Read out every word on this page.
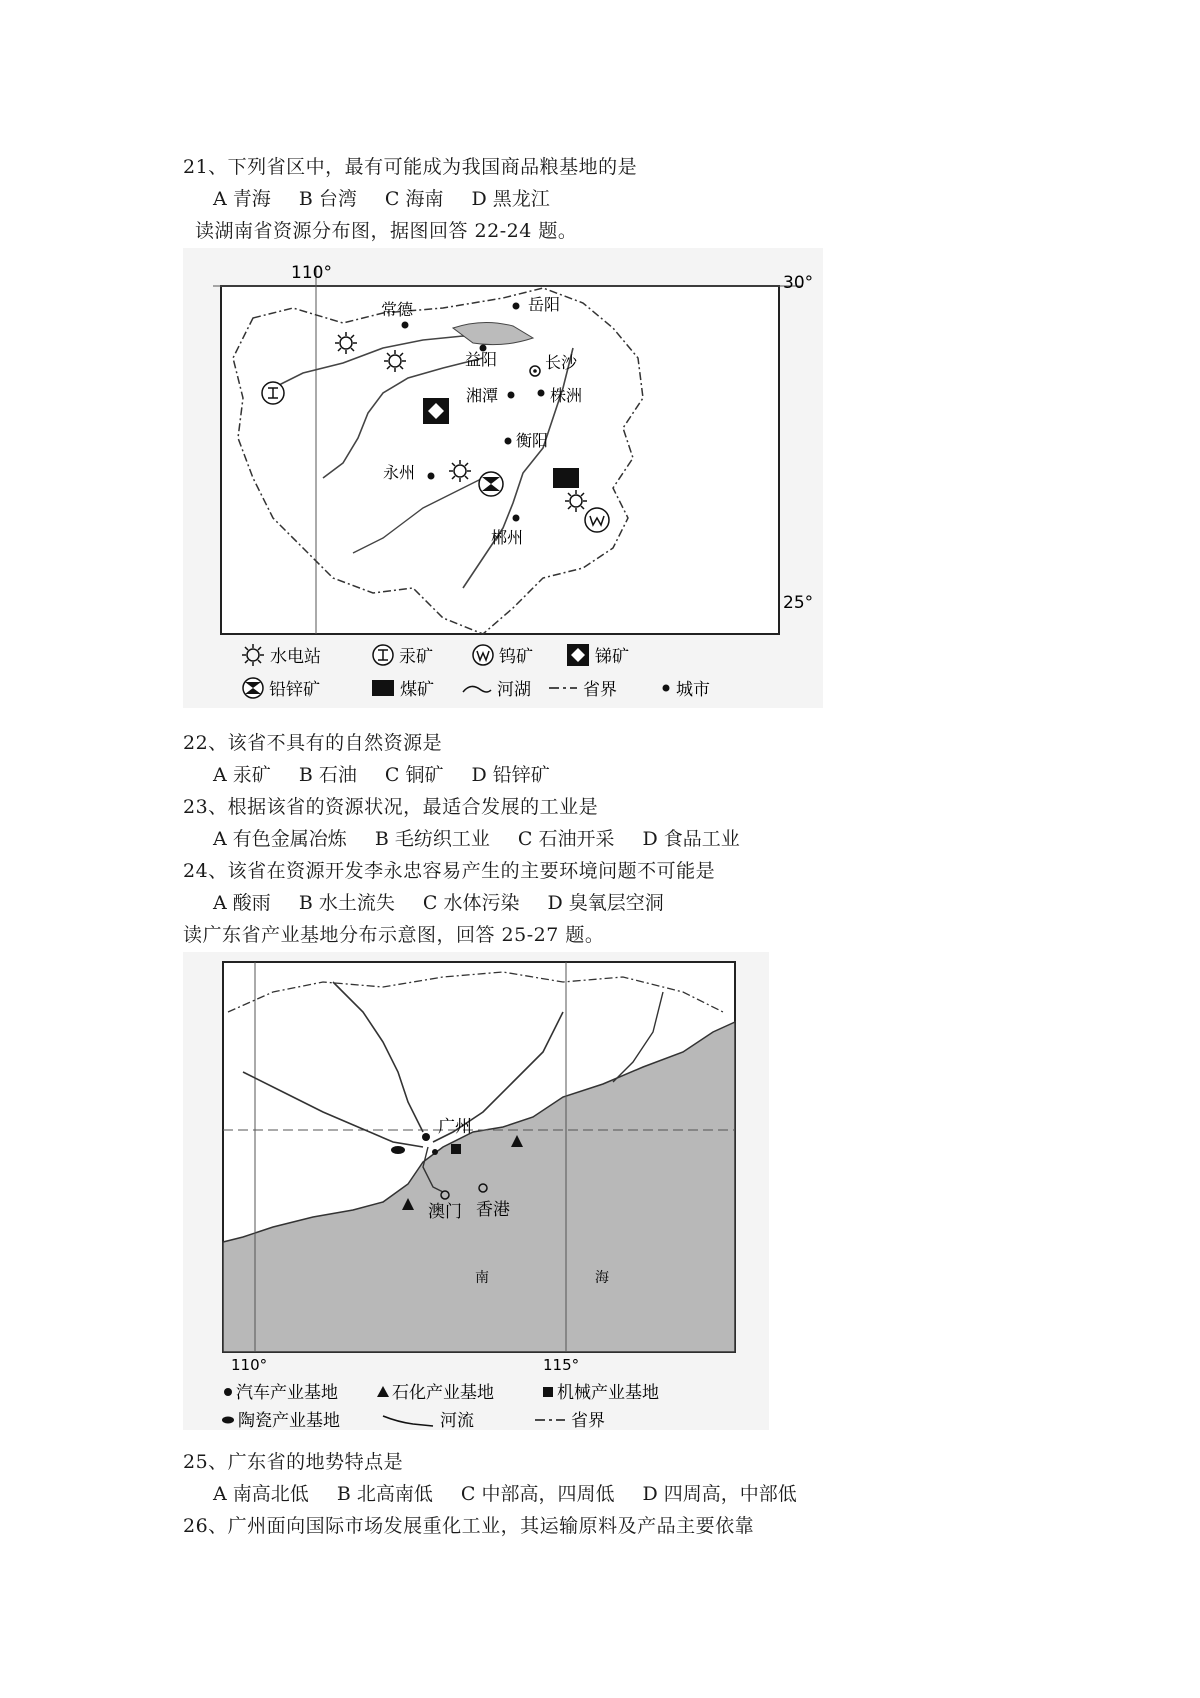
21、下列省区中，最有可能成为我国商品粮基地的是
A 青海 B 台湾 C 海南 D 黑龙江
读湖南省资源分布图，据图回答 22-24 题。
110°	30°
25°
常德	岳阳
益阳	长沙
湘潭	株洲
衡阳
永州
郴州
水电站	汞矿	钨矿	锑矿
铅锌矿	煤矿	河湖	省界	城市
22、该省不具有的自然资源是
A 汞矿 B 石油 C 铜矿 D 铅锌矿
23、根据该省的资源状况，最适合发展的工业是
A 有色金属冶炼 B 毛纺织工业 C 石油开采 D 食品工业
24、该省在资源开发李永忠容易产生的主要环境问题不可能是
A 酸雨 B 水土流失 C 水体污染 D 臭氧层空洞
读广东省产业基地分布示意图，回答 25-27 题。
广州
澳门 香港
南	海
110°	115°
汽车产业基地	石化产业基地	机械产业基地
陶瓷产业基地	河流	省界
25、广东省的地势特点是
A 南高北低 B 北高南低 C 中部高，四周低 D 四周高，中部低
26、广州面向国际市场发展重化工业，其运输原料及产品主要依靠
